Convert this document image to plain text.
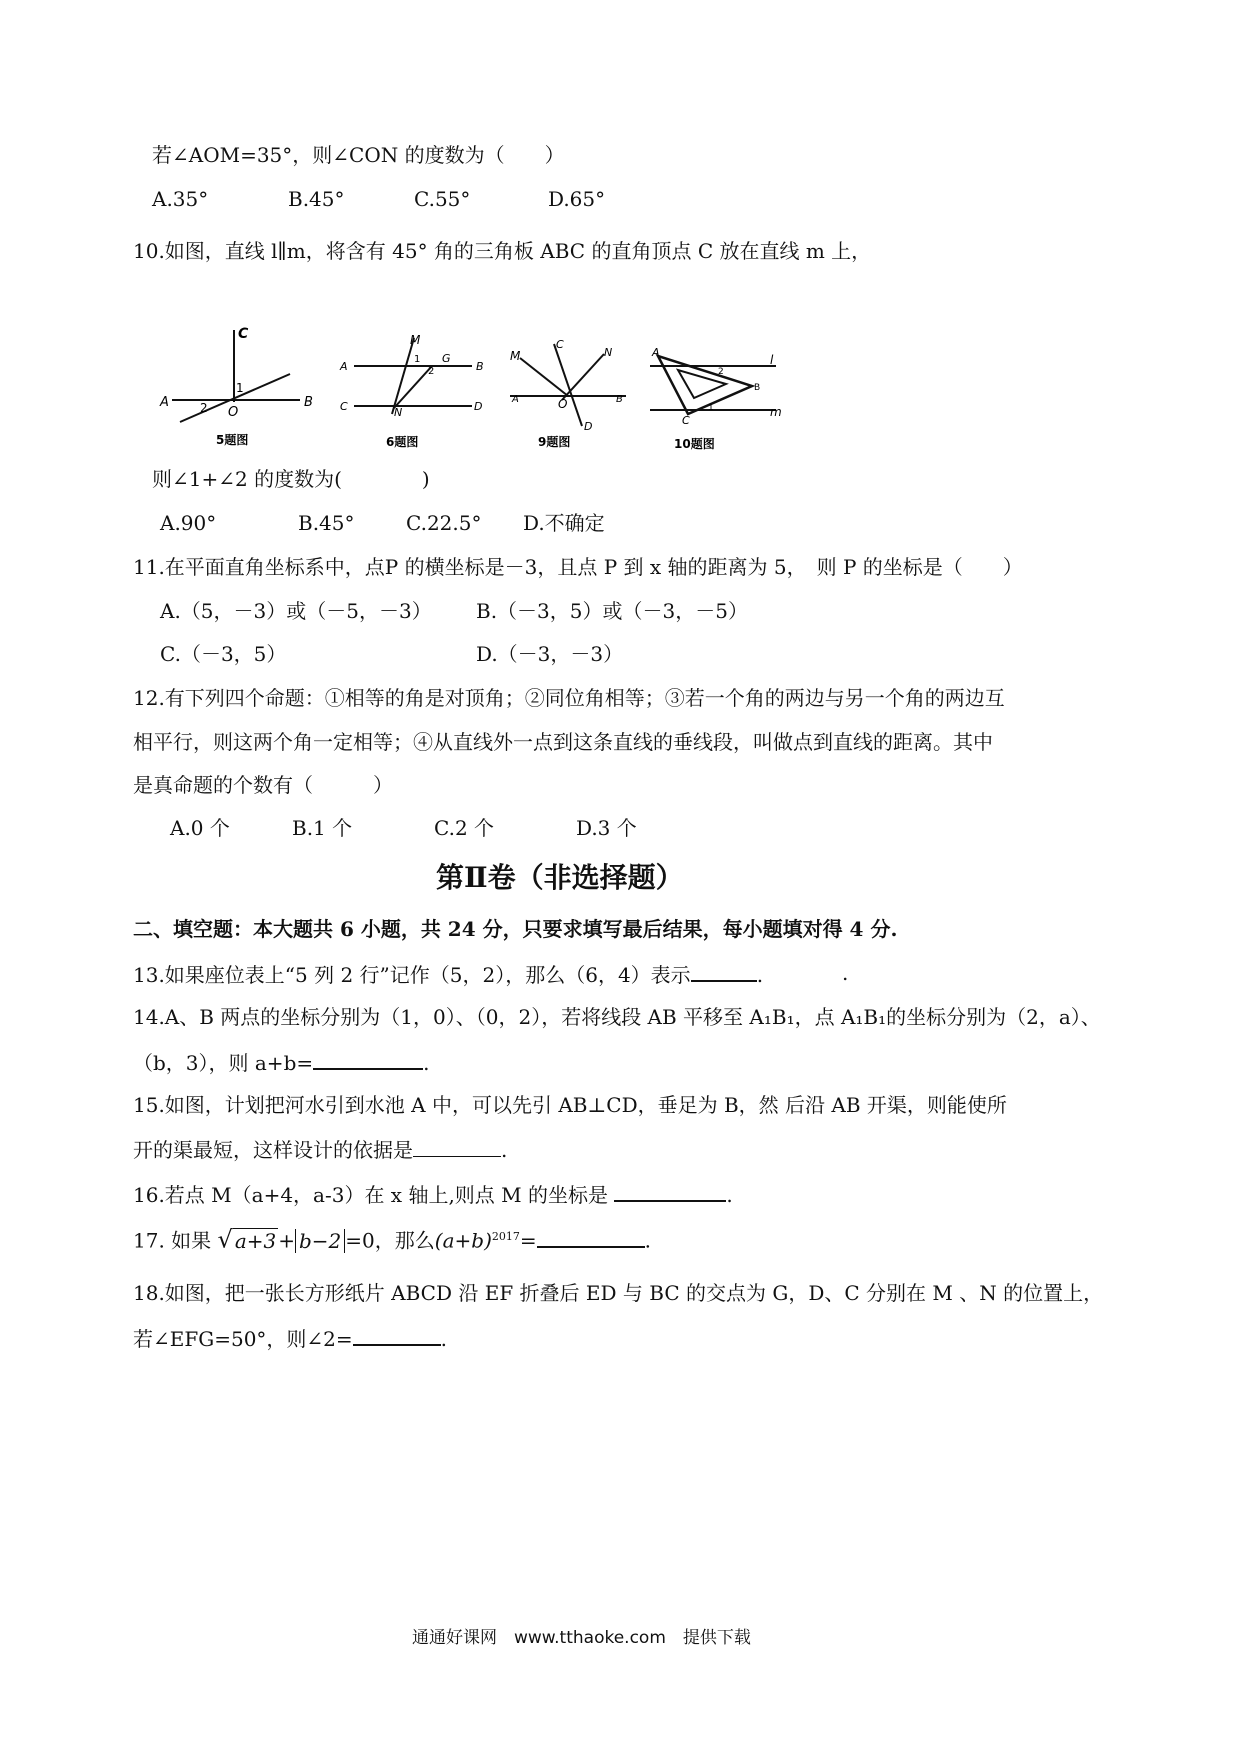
若∠AOM=35°，则∠CON 的度数为（　　）
A.35°	B.45°	C.55°	D.65°
10.如图，直线 l∥m，将含有 45° 角的三角板 ABC 的直角顶点 C 放在直线 m 上，
C
A	2 O
1
B
5题图
M
A
1
2
G
B
C	N	D
6题图
M
C
N
A	O	B
D
9题图
A
l
2
B
C
1	m
10题图
则∠1+∠2 的度数为(　　　　)
A.90°	B.45°	C.22.5° D.不确定
11.在平面直角坐标系中，点P 的横坐标是－3，且点 P 到 x 轴的距离为 5，　则 P 的坐标是（　　）
A.（5，－3）或（－5，－3） B.（－3，5）或（－3，－5）
C.（－3，5）	D.（－3，－3）
12.有下列四个命题：①相等的角是对顶角；②同位角相等；③若一个角的两边与另一个角的两边互
相平行，则这两个角一定相等；④从直线外一点到这条直线的垂线段，叫做点到直线的距离。其中
是真命题的个数有（　　　）
A.0 个	B.1 个	C.2 个	D.3 个
第Ⅱ卷（非选择题）
二、填空题：本大题共 6 小题，共 24 分，只要求填写最后结果，每小题填对得 4 分.
13.如果座位表上“5 列 2 行”记作（5，2），那么（6，4）表示	.	.
14.A、B 两点的坐标分别为（1，0）、（0，2），若将线段 AB 平移至 A₁B₁，点 A₁B₁的坐标分别为（2，a）、
（b，3），则 a+b=	.
15.如图，计划把河水引到水池 A 中，可以先引 AB⊥CD，垂足为 B，然 后沿 AB 开渠，则能使所
开的渠最短，这样设计的依据是	.
16.若点 M（a+4，a-3）在 x 轴上,则点 M 的坐标是	.
17. 如果 √ a+3 + b−2 =0，那么$(a+b)^{2017}=$	.
18.如图，把一张长方形纸片 ABCD 沿 EF 折叠后 ED 与 BC 的交点为 G，D、C 分别在 M 、N 的位置上，
若∠EFG=50°，则∠2=	.
通通好课网　www.tthaoke.com　提供下载
